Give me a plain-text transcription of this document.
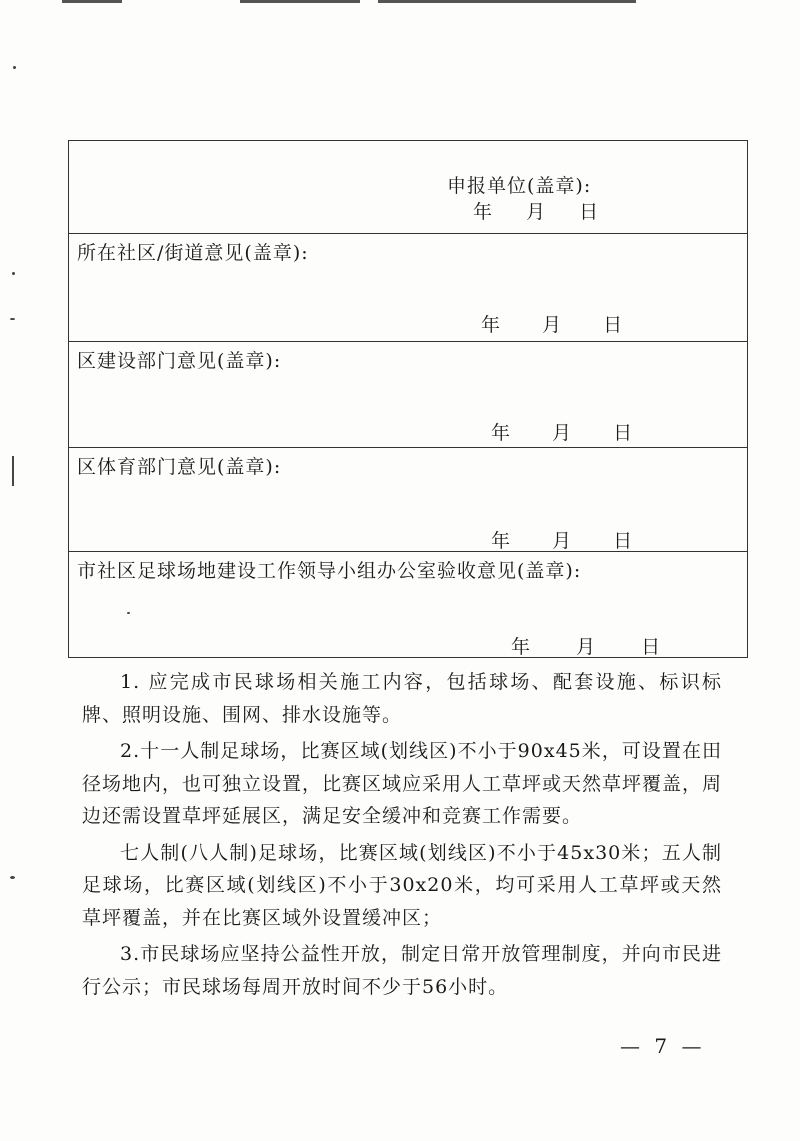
申报单位(盖章):
年 月 日
所在社区/街道意见(盖章):
年 月 日
区建设部门意见(盖章):
年 月 日
区体育部门意见(盖章):
年 月 日
市社区足球场地建设工作领导小组办公室验收意见(盖章):
年 月 日

1. 应完成市民球场相关施工内容，包括球场、配套设施、标识标牌、照明设施、围网、排水设施等。

2.十一人制足球场，比赛区域(划线区)不小于90x45米，可设置在田径场地内，也可独立设置，比赛区域应采用人工草坪或天然草坪覆盖，周边还需设置草坪延展区，满足安全缓冲和竞赛工作需要。

七人制(八人制)足球场，比赛区域(划线区)不小于45x30米；五人制足球场，比赛区域(划线区)不小于30x20米，均可采用人工草坪或天然草坪覆盖，并在比赛区域外设置缓冲区；

3.市民球场应坚持公益性开放，制定日常开放管理制度，并向市民进行公示；市民球场每周开放时间不少于56小时。

— 7 —
